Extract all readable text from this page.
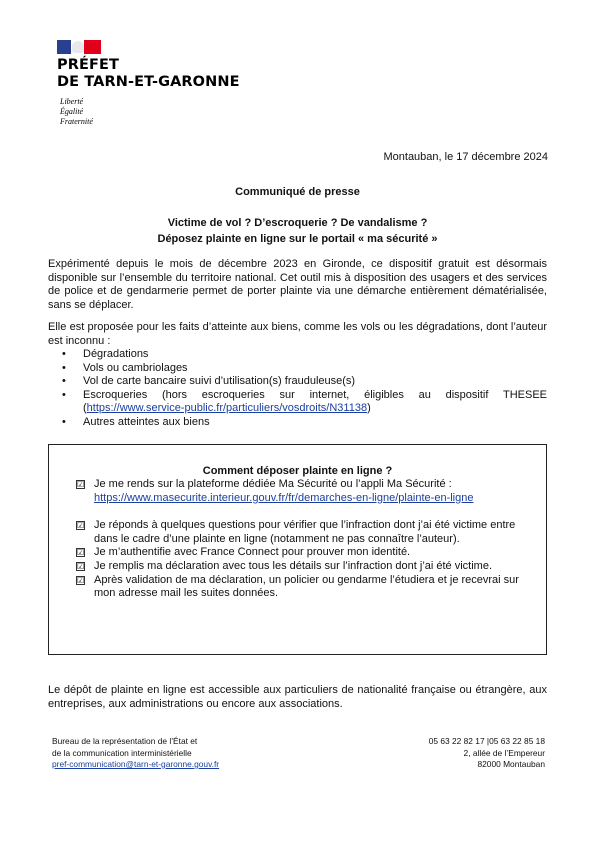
PRÉFET
DE TARN-ET-GARONNE
Liberté
Égalité
Fraternité
Montauban, le 17 décembre 2024
Communiqué de presse
Victime de vol ? D’escroquerie ? De vandalisme ?
Déposez plainte en ligne sur le portail « ma sécurité »

Expérimenté depuis le mois de décembre 2023 en Gironde, ce dispositif gratuit est désormais disponible sur l’ensemble du territoire national. Cet outil mis à disposition des usagers et des services de police et de gendarmerie permet de porter plainte via une démarche entièrement dématérialisée, sans se déplacer.

Elle est proposée pour les faits d’atteinte aux biens, comme les vols ou les dégradations, dont l’auteur est inconnu :

• Dégradations
• Vols ou cambriolages
• Vol de carte bancaire suivi d’utilisation(s) frauduleuse(s)
• Escroqueries (hors escroqueries sur internet, éligibles au dispositif THESEE (https://www.service-public.fr/particuliers/vosdroits/N31138)
• Autres atteintes aux biens
Comment déposer plainte en ligne ?
☑ Je me rends sur la plateforme dédiée Ma Sécurité ou l’appli Ma Sécurité :
https://www.masecurite.interieur.gouv.fr/fr/demarches-en-ligne/plainte-en-ligne
☑ Je réponds à quelques questions pour vérifier que l’infraction dont j’ai été victime entre dans le cadre d’une plainte en ligne (notamment ne pas connaître l’auteur).
☑ Je m’authentifie avec France Connect pour prouver mon identité.
☑ Je remplis ma déclaration avec tous les détails sur l’infraction dont j’ai été victime.
☑ Après validation de ma déclaration, un policier ou gendarme l’étudiera et je recevrai sur mon adresse mail les suites données.

Le dépôt de plainte en ligne est accessible aux particuliers de nationalité française ou étrangère, aux entreprises, aux administrations ou encore aux associations.

Bureau de la représentation de l’État et
de la communication interministérielle
pref-communication@tarn-et-garonne.gouv.fr
05 63 22 82 17 |05 63 22 85 18
2, allée de l’Empereur
82000 Montauban
